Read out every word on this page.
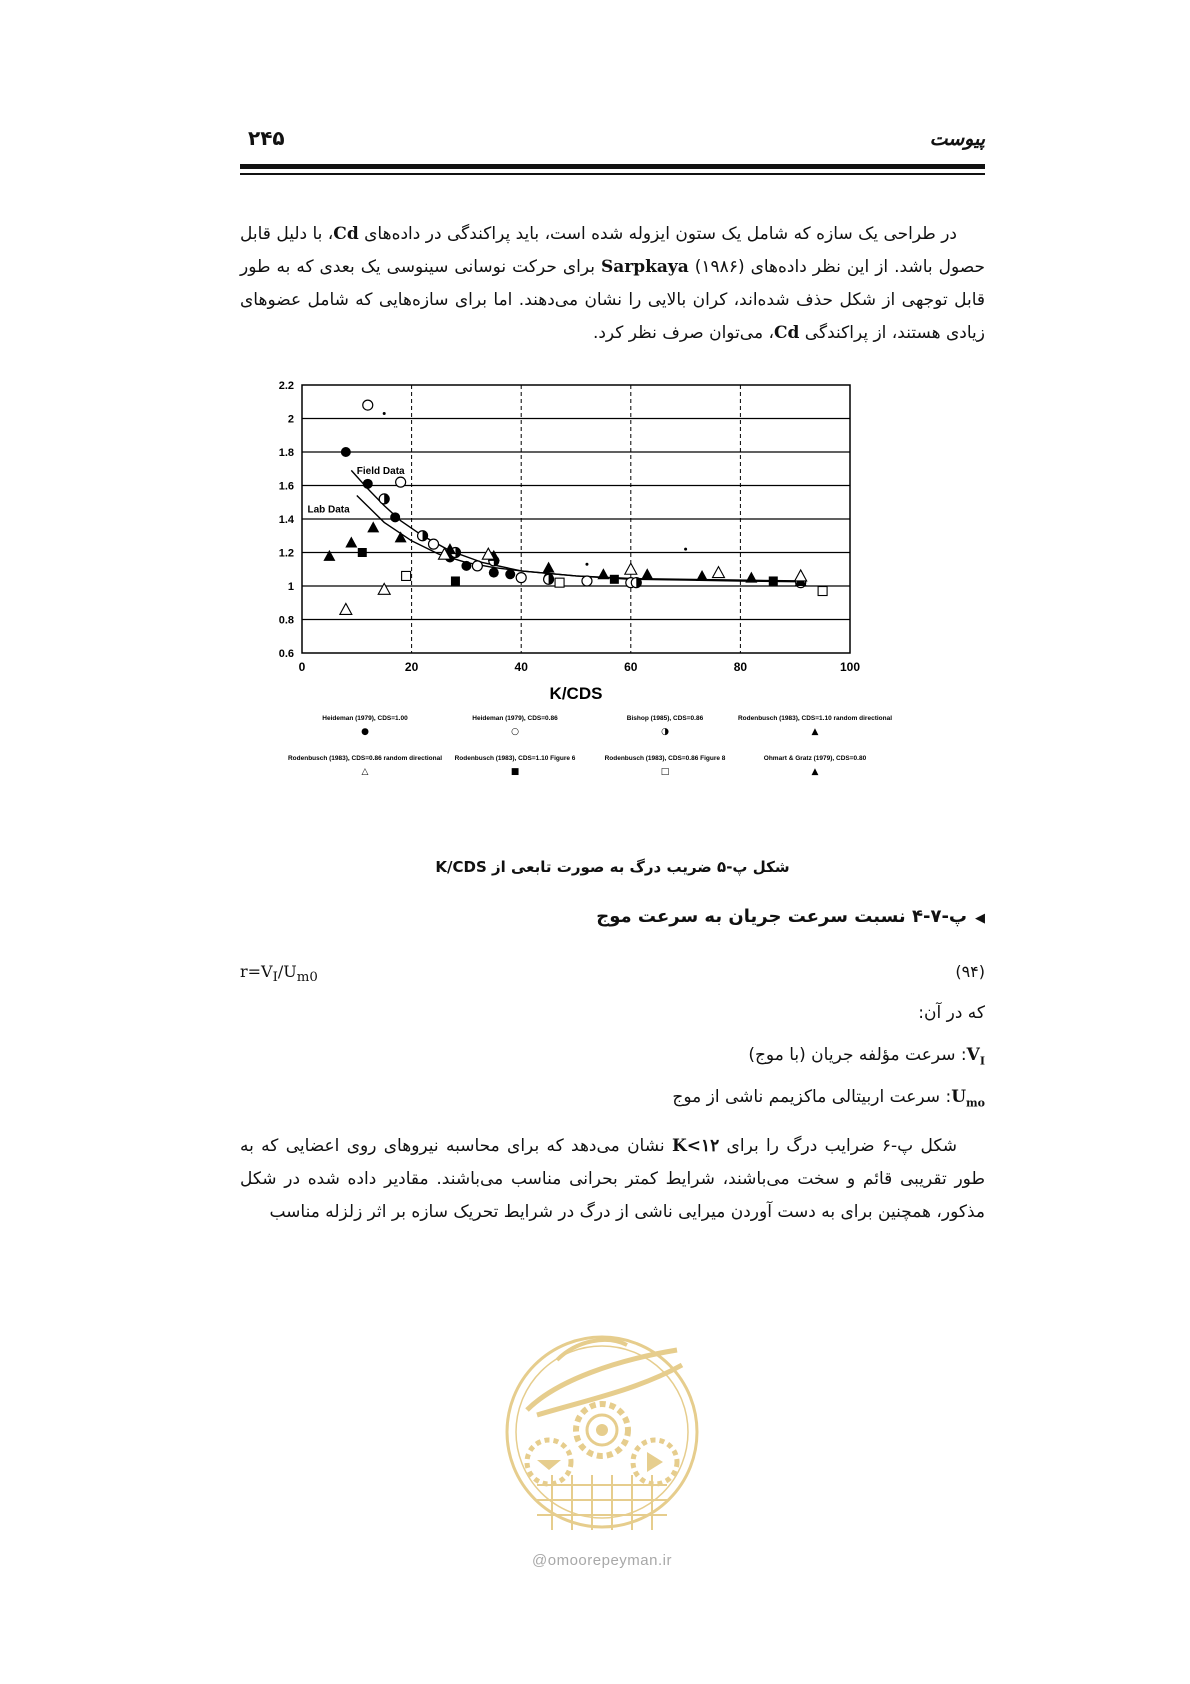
پیوست
۲۴۵
در طراحی یک سازه که شامل یک ستون ایزوله شده است، باید پراکندگی در داده‌های Cd، با دلیل قابل حصول باشد. از این نظر داده‌های Sarpkaya (۱۹۸۶) برای حرکت نوسانی سینوسی یک بعدی که به طور قابل توجهی از شکل حذف شده‌اند، کران بالایی را نشان می‌دهند. اما برای سازه‌هایی که شامل عضوهای زیادی هستند، از پراکندگی Cd، می‌توان صرف نظر کرد.
0.6
0.8
1
1.2
1.4
1.6
1.8
2
2.2
0	20	40	60	80	100
K/CDS
Field Data
Lab Data
Heideman (1979), CDS=1.00
●
Heideman (1979), CDS=0.86
○
Bishop (1985), CDS=0.86
◑
Rodenbusch (1983), CDS=1.10 random directional
▲
Rodenbusch (1983), CDS=0.86 random directional
△
Rodenbusch (1983), CDS=1.10 Figure 6
■
Rodenbusch (1983), CDS=0.86 Figure 8
□
Ohmart & Gratz (1979), CDS=0.80
▲
شکل پ-۵ ضریب درگ به صورت تابعی از K/CDS
◀پ-۷-۴ نسبت سرعت جریان به سرعت موج
(۹۴)
$r=V_I/U_{m0}$
که در آن:
$V_I$: سرعت مؤلفه جریان (با موج)
$U_{mo}$: سرعت اربیتالی ماکزیمم ناشی از موج
شکل پ-۶ ضرایب درگ را برای K<۱۲ نشان می‌دهد که برای محاسبه نیروهای روی اعضایی که به طور تقریبی قائم و سخت می‌باشند، شرایط کمتر بحرانی مناسب می‌باشند. مقادیر داده شده در شکل مذکور، همچنین برای به دست آوردن میرایی ناشی از درگ در شرایط تحریک سازه بر اثر زلزله مناسب
@omoorepeyman.ir
